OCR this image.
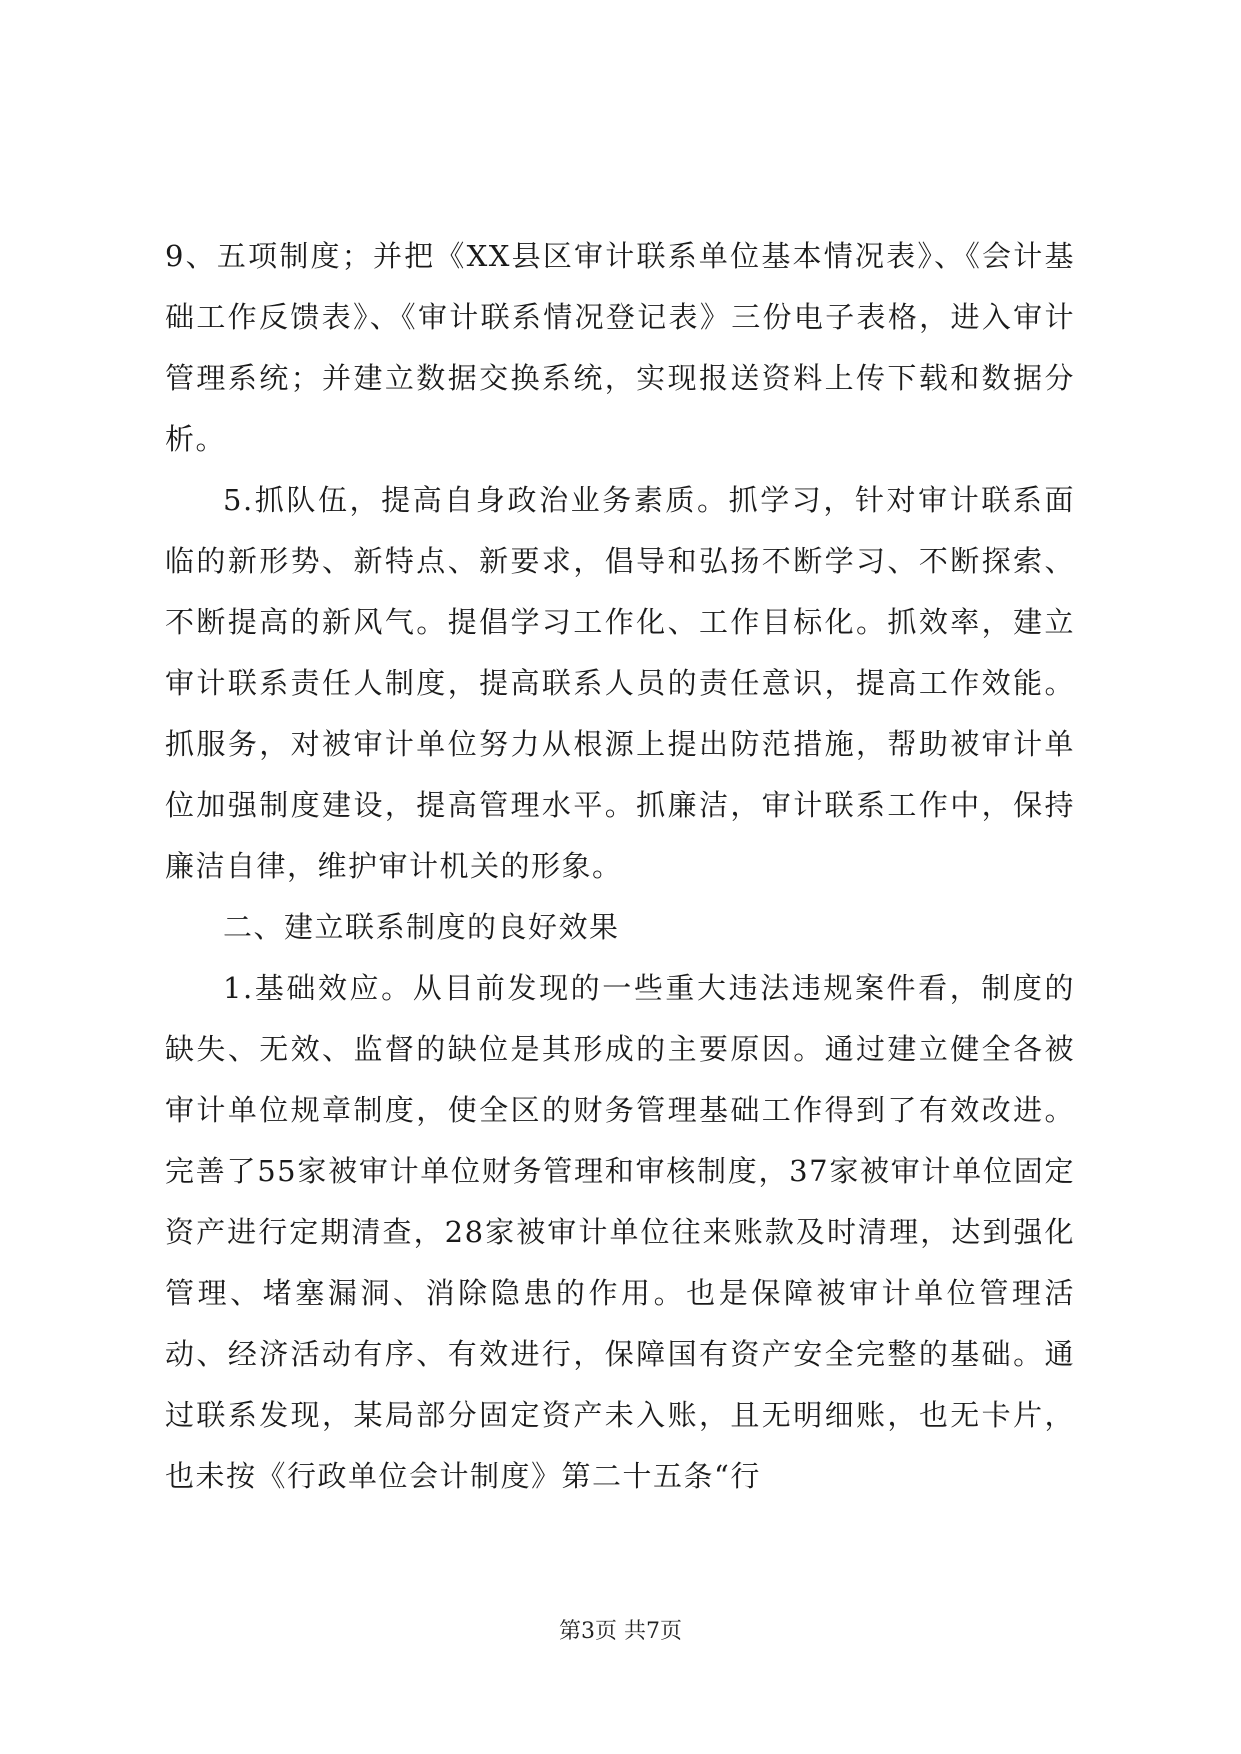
9、五项制度；并把《XX县区审计联系单位基本情况表》、《会计基础工作反馈表》、《审计联系情况登记表》三份电子表格，进入审计管理系统；并建立数据交换系统，实现报送资料上传下载和数据分析。

5.抓队伍，提高自身政治业务素质。抓学习，针对审计联系面临的新形势、新特点、新要求，倡导和弘扬不断学习、不断探索、不断提高的新风气。提倡学习工作化、工作目标化。抓效率，建立审计联系责任人制度，提高联系人员的责任意识，提高工作效能。抓服务，对被审计单位努力从根源上提出防范措施，帮助被审计单位加强制度建设，提高管理水平。抓廉洁，审计联系工作中，保持廉洁自律，维护审计机关的形象。

二、建立联系制度的良好效果

1.基础效应。从目前发现的一些重大违法违规案件看，制度的缺失、无效、监督的缺位是其形成的主要原因。通过建立健全各被审计单位规章制度，使全区的财务管理基础工作得到了有效改进。完善了55家被审计单位财务管理和审核制度，37家被审计单位固定资产进行定期清查，28家被审计单位往来账款及时清理，达到强化管理、堵塞漏洞、消除隐患的作用。也是保障被审计单位管理活动、经济活动有序、有效进行，保障国有资产安全完整的基础。通过联系发现，某局部分固定资产未入账，且无明细账，也无卡片，也未按《行政单位会计制度》第二十五条“行

第3页 共7页
